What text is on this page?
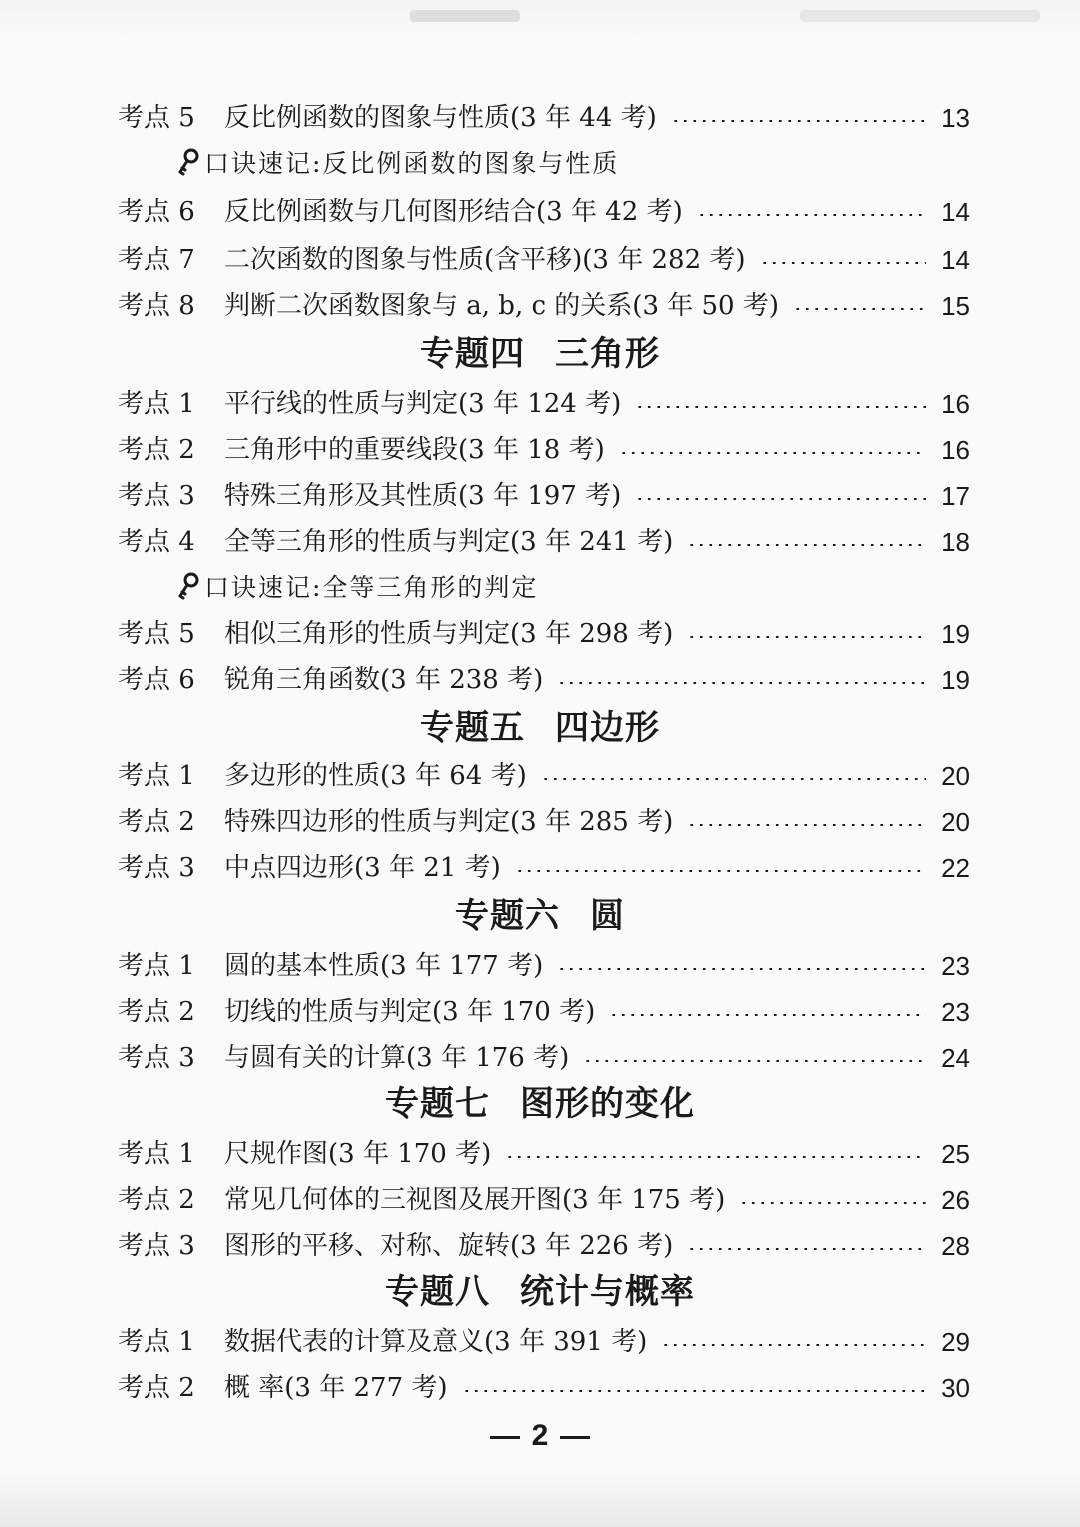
考点 5	反比例函数的图象与性质(3 年 44 考)	13
口诀速记:反比例函数的图象与性质
考点 6	反比例函数与几何图形结合(3 年 42 考)	14
考点 7	二次函数的图象与性质(含平移)(3 年 282 考)	14
考点 8	判断二次函数图象与 a, b, c 的关系(3 年 50 考)	15
专题四 三角形
考点 1	平行线的性质与判定(3 年 124 考)	16
考点 2	三角形中的重要线段(3 年 18 考)	16
考点 3	特殊三角形及其性质(3 年 197 考)	17
考点 4	全等三角形的性质与判定(3 年 241 考)	18
口诀速记:全等三角形的判定
考点 5	相似三角形的性质与判定(3 年 298 考)	19
考点 6	锐角三角函数(3 年 238 考)	19
专题五 四边形
考点 1	多边形的性质(3 年 64 考)	20
考点 2	特殊四边形的性质与判定(3 年 285 考)	20
考点 3	中点四边形(3 年 21 考)	22
专题六 圆
考点 1	圆的基本性质(3 年 177 考)	23
考点 2	切线的性质与判定(3 年 170 考)	23
考点 3	与圆有关的计算(3 年 176 考)	24
专题七 图形的变化
考点 1	尺规作图(3 年 170 考)	25
考点 2	常见几何体的三视图及展开图(3 年 175 考)	26
考点 3	图形的平移、对称、旋转(3 年 226 考)	28
专题八 统计与概率
考点 1	数据代表的计算及意义(3 年 391 考)	29
考点 2	概 率(3 年 277 考)	30
2
